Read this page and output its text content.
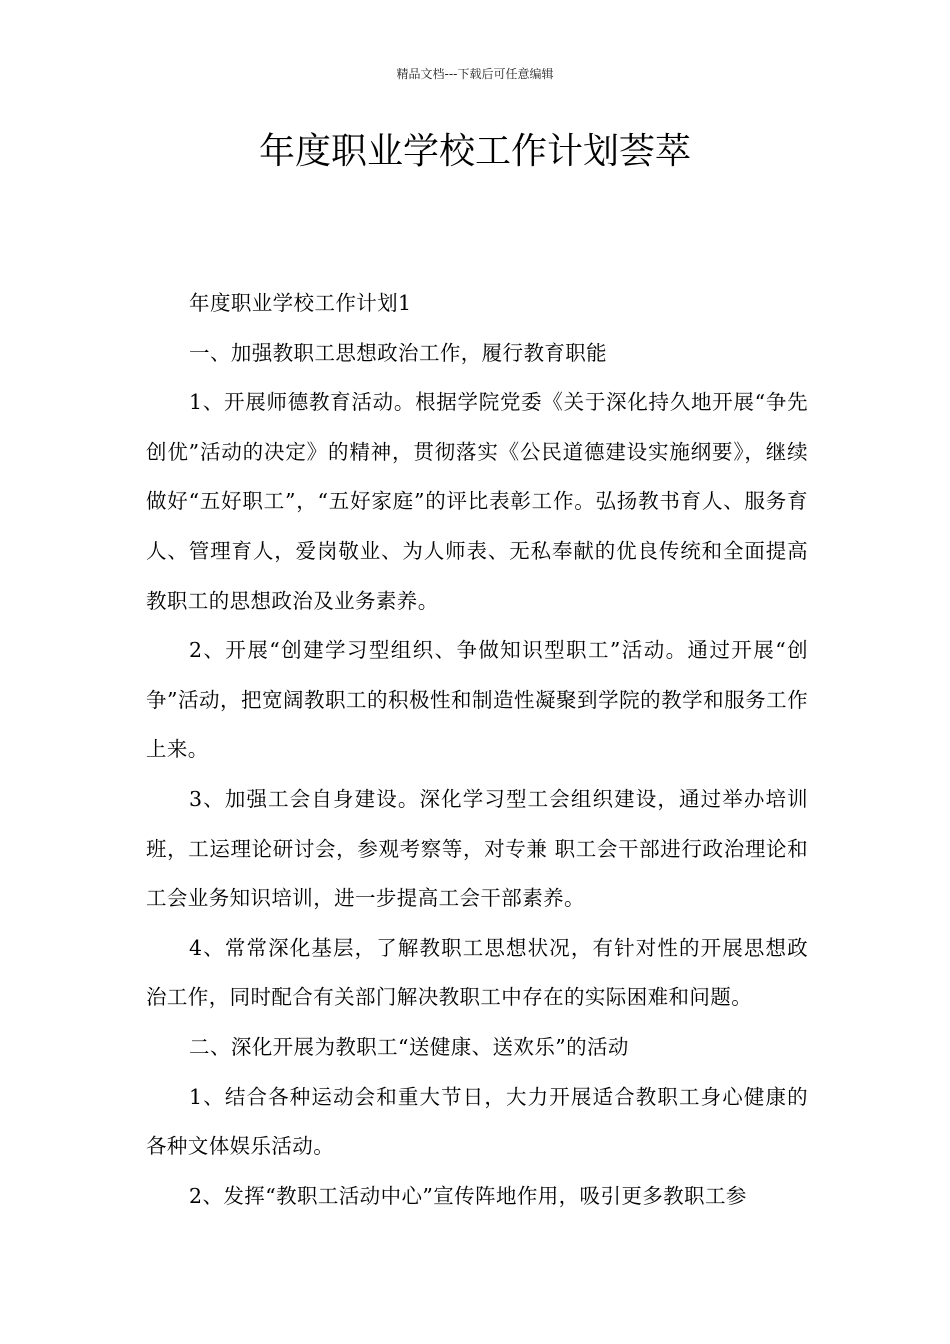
精品文档---下载后可任意编辑
年度职业学校工作计划荟萃

年度职业学校工作计划1

一、加强教职工思想政治工作，履行教育职能

1、开展师德教育活动。根据学院党委《关于深化持久地开展“争先创优”活动的决定》的精神，贯彻落实《公民道德建设实施纲要》，继续做好“五好职工”，“五好家庭”的评比表彰工作。弘扬教书育人、服务育人、管理育人，爱岗敬业、为人师表、无私奉献的优良传统和全面提高教职工的思想政治及业务素养。

2、开展“创建学习型组织、争做知识型职工”活动。通过开展“创争”活动，把宽阔教职工的积极性和制造性凝聚到学院的教学和服务工作上来。

3、加强工会自身建设。深化学习型工会组织建设，通过举办培训班，工运理论研讨会，参观考察等，对专兼 职工会干部进行政治理论和工会业务知识培训，进一步提高工会干部素养。

4、常常深化基层，了解教职工思想状况，有针对性的开展思想政治工作，同时配合有关部门解决教职工中存在的实际困难和问题。

二、深化开展为教职工“送健康、送欢乐”的活动

1、结合各种运动会和重大节日，大力开展适合教职工身心健康的各种文体娱乐活动。

2、发挥“教职工活动中心”宣传阵地作用，吸引更多教职工参
